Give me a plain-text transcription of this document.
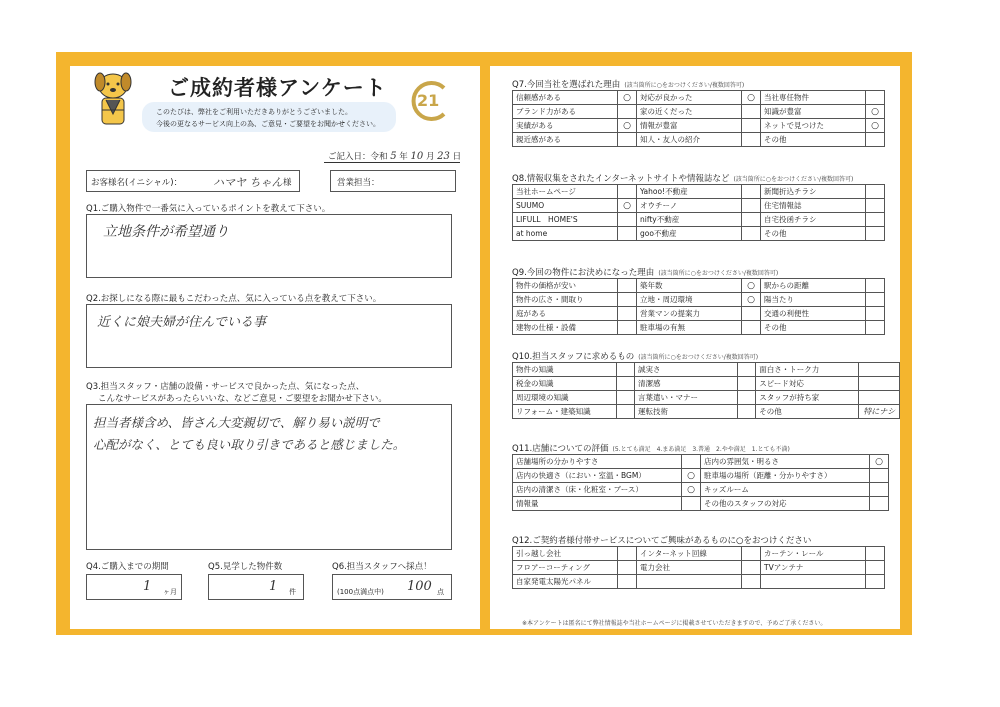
ご成約者様アンケート
このたびは、弊社をご利用いただきありがとうございました。
今後の更なるサービス向上の為、ご意見・ご要望をお聞かせください。
21
ご記入日：令和 5 年 10 月 23 日
お客様名(イニシャル)：	ハマヤ ちゃん 様	営業担当：
Q1.ご購入物件で一番気に入っているポイントを教えて下さい。
立地条件が希望通り
Q2.お探しになる際に最もこだわった点、気に入っている点を教えて下さい。
近くに娘夫婦が住んでいる事
Q3.担当スタッフ・店舗の設備・サービスで良かった点、気になった点、
こんなサービスがあったらいいな、などご意見・ご要望をお聞かせ下さい。
担当者様含め、皆さん大変親切で、解り易い説明で
心配がなく、とても良い取り引きであると感じました。
Q4.ご購入までの期間
1 ヶ月
Q5.見学した物件数
1 件
Q6.担当スタッフへ採点！
(100点満点中) 100 点
Q7.今回当社を選ばれた理由 (該当箇所に○をおつけください/複数回答可)
信頼感がある	○	対応が良かった	○	当社専任物件	
ブランド力がある		家の近くだった		知識が豊富	○
実績がある	○	情報が豊富		ネットで見つけた	○
親近感がある		知人・友人の紹介		その他	
Q8.情報収集をされたインターネットサイトや情報誌など (該当箇所に○をおつけください/複数回答可)
当社ホームページ		Yahoo!不動産		新聞折込チラシ	
SUUMO	○	オウチーノ		住宅情報誌	
LIFULL　HOME'S		nifty不動産		自宅投函チラシ	
at home		goo不動産		その他	
Q9.今回の物件にお決めになった理由 (該当箇所に○をおつけください/複数回答可)
物件の価格が安い		築年数	○	駅からの距離	
物件の広さ・間取り		立地・周辺環境	○	陽当たり	
庭がある		営業マンの提案力		交通の利便性	
建物の仕様・設備		駐車場の有無		その他	
Q10.担当スタッフに求めるもの (該当箇所に○をおつけください/複数回答可)
物件の知識		誠実さ		面白さ・トーク力	
税金の知識		清潔感		スピード対応	
周辺環境の知識		言葉遣い・マナー		スタッフが持ち家	
リフォーム・建築知識		運転技術		その他	特にナシ
Q11.店舗についての評価 (5.とても満足　4.まあ満足　3.普通　2.やや満足　1.とても不満)
店舗場所の分かりやすさ		店内の雰囲気・明るさ	○
店内の快適さ（におい・室温・BGM）	○	駐車場の場所（距離・分かりやすさ）	
店内の清潔さ（床・化粧室・ブース）	○	キッズルーム	
情報量		その他のスタッフの対応	
Q12.ご契約者様付帯サービスについてご興味があるものに○をおつけください
引っ越し会社		インターネット回線		カーテン・レール	
フロアーコーティング		電力会社		TVアンテナ	
自家発電太陽光パネル					
※本アンケートは匿名にて弊社情報誌や当社ホームページに掲載させていただきますので、予めご了承ください。
